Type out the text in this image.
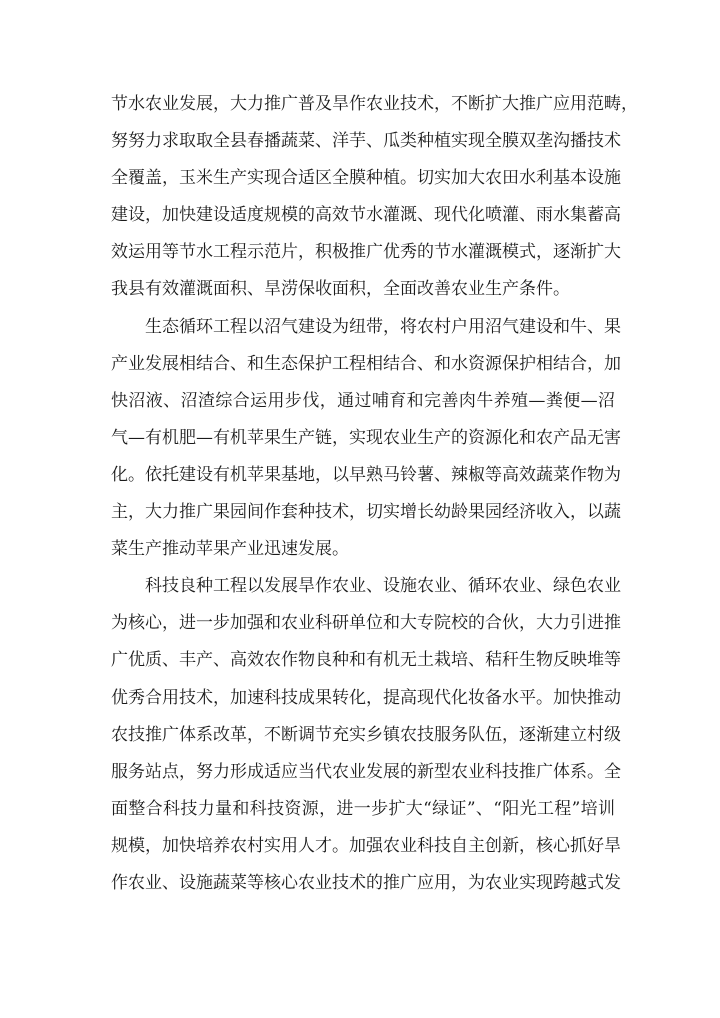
节水农业发展，大力推广普及旱作农业技术，不断扩大推广应用范畴，
努努力求取取全县春播蔬菜、洋芋、瓜类种植实现全膜双垄沟播技术
全覆盖，玉米生产实现合适区全膜种植。切实加大农田水利基本设施
建设，加快建设适度规模的高效节水灌溉、现代化喷灌、雨水集蓄高
效运用等节水工程示范片，积极推广优秀的节水灌溉模式，逐渐扩大
我县有效灌溉面积、旱涝保收面积，全面改善农业生产条件。
生态循环工程以沼气建设为纽带，将农村户用沼气建设和牛、果
产业发展相结合、和生态保护工程相结合、和水资源保护相结合，加
快沼液、沼渣综合运用步伐，通过哺育和完善肉牛养殖—粪便—沼
气—有机肥—有机苹果生产链，实现农业生产的资源化和农产品无害
化。依托建设有机苹果基地，以早熟马铃薯、辣椒等高效蔬菜作物为
主，大力推广果园间作套种技术，切实增长幼龄果园经济收入，以蔬
菜生产推动苹果产业迅速发展。
科技良种工程以发展旱作农业、设施农业、循环农业、绿色农业
为核心，进一步加强和农业科研单位和大专院校的合伙，大力引进推
广优质、丰产、高效农作物良种和有机无土栽培、秸秆生物反映堆等
优秀合用技术，加速科技成果转化，提高现代化妆备水平。加快推动
农技推广体系改革，不断调节充实乡镇农技服务队伍，逐渐建立村级
服务站点，努力形成适应当代农业发展的新型农业科技推广体系。全
面整合科技力量和科技资源，进一步扩大“绿证”、“阳光工程”培训
规模，加快培养农村实用人才。加强农业科技自主创新，核心抓好旱
作农业、设施蔬菜等核心农业技术的推广应用，为农业实现跨越式发
